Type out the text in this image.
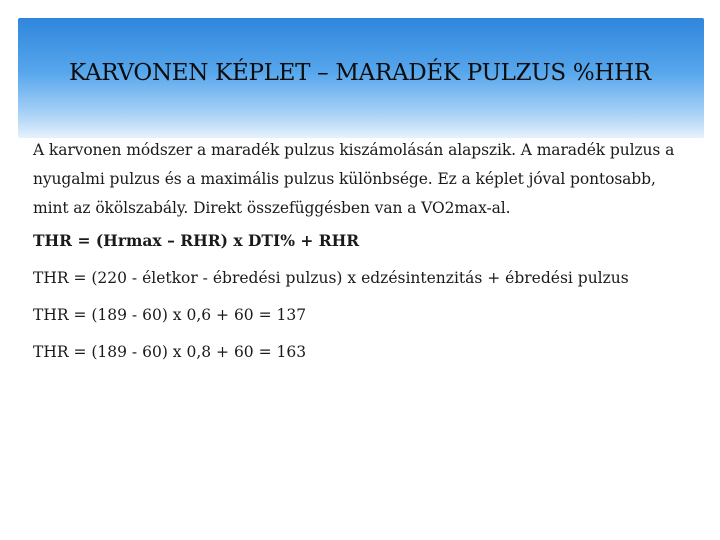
KARVONEN KÉPLET – MARADÉK PULZUS %HHR

A karvonen módszer a maradék pulzus kiszámolásán alapszik. A maradék pulzus a nyugalmi pulzus és a maximális pulzus különbsége. Ez a képlet jóval pontosabb, mint az ökölszabály. Direkt összefüggésben van a VO2max-al.

THR = (Hrmax – RHR) x DTI% + RHR

THR = (220 - életkor - ébredési pulzus) x edzésintenzitás + ébredési pulzus

THR = (189 - 60) x 0,6 + 60 = 137

THR = (189 - 60) x 0,8 + 60 = 163
